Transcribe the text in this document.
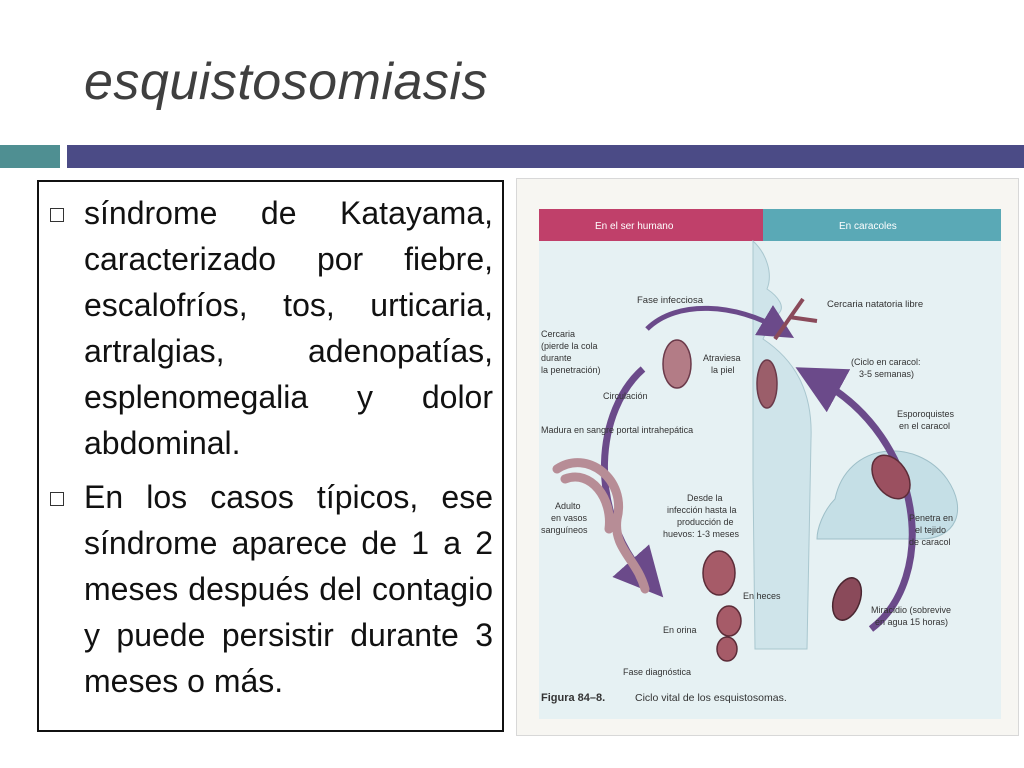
esquistosomiasis
síndrome de Katayama, caracterizado por fiebre, escalofríos, tos, urticaria, artralgias, adenopatías, esplenomegalia y dolor abdominal.
En los casos típicos, ese síndrome aparece de 1 a 2 meses después del contagio y puede persistir durante 3 meses o más.
En el ser humano	En caracoles
Fase infecciosa	Cercaria natatoria libre
Cercaria
(pierde la cola
durante
la penetración)
Atraviesa
la piel
(Ciclo en caracol:
3-5 semanas)
Circulación
Madura en sangre portal intrahepática
Esporoquistes
en el caracol
Adulto
en vasos
sanguíneos
Desde la
infección hasta la
producción de
huevos: 1-3 meses
Penetra en
el tejido
de caracol
En heces
Miracidio (sobrevive
en agua 15 horas)
En orina
Fase diagnóstica
Figura 84–8.	Ciclo vital de los esquistosomas.
